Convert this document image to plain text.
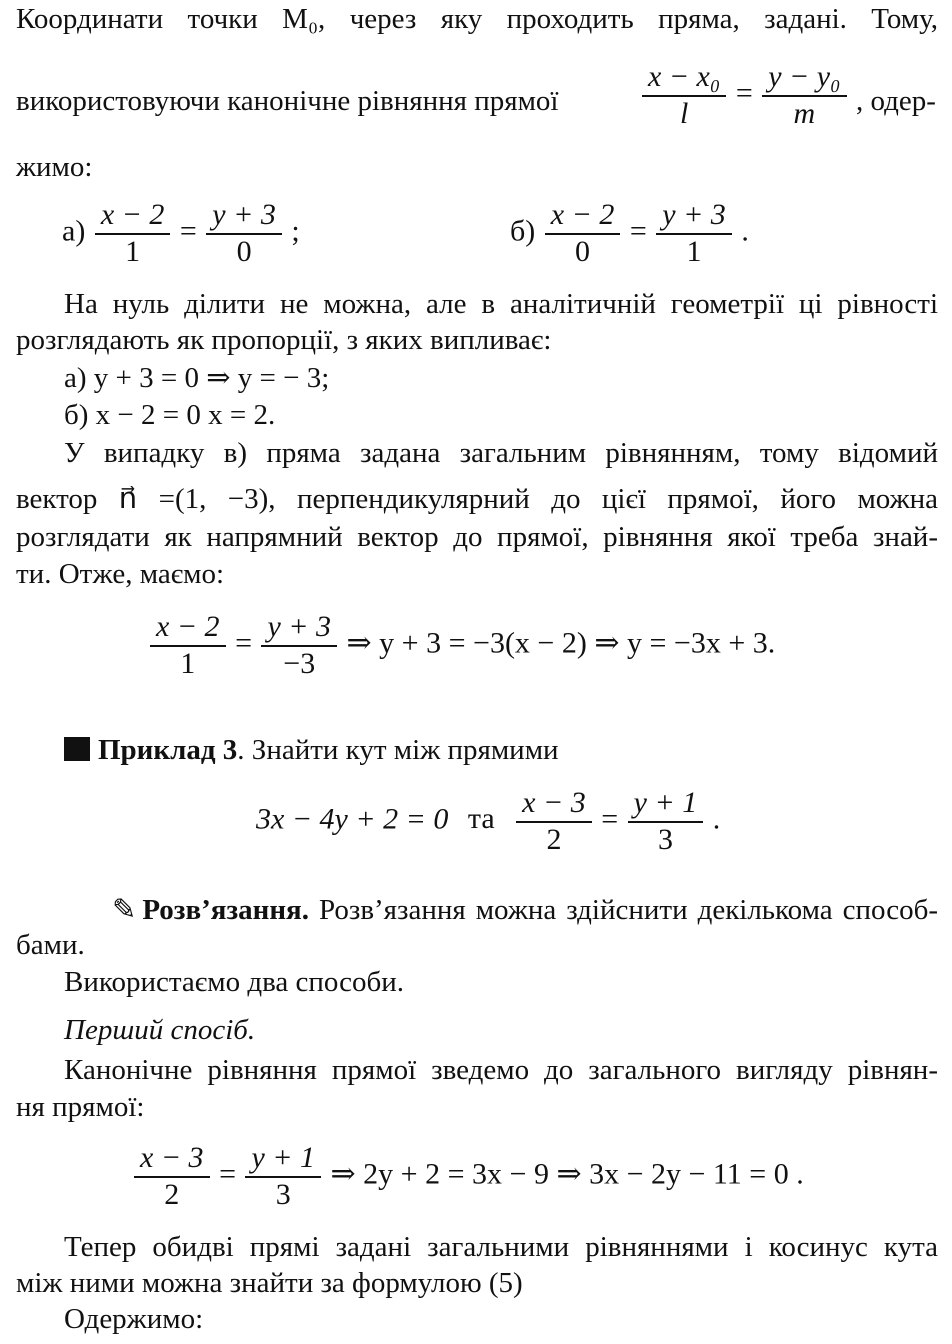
Координати точки M₀, через яку проходить пряма, задані. Тому,
використовуючи канонічне рівняння прямої	$\frac{\text{x − x₀}}{l} = \frac{\text{y − y₀}}{m}$ , одер-
жимо:
$а) \frac{x - 2}{1} = \frac{y + 3}{0}$ ;	$б) \frac{x - 2}{0} = \frac{y + 3}{1}$ .
На нуль ділити не можна, але в аналітичній геометрії ці рівності
розглядають як пропорції, з яких випливає:
а) y + 3 = 0 ⇒ y = − 3;
б) x − 2 = 0 x = 2.
У випадку в) пряма задана загальним рівнянням, тому відомий
вектор n⃗ =(1, −3), перпендикулярний до цієї прямої, його можна
розглядати як напрямний вектор до прямої, рівняння якої треба знай-
ти. Отже, маємо:
$\frac{x - 2}{1} = \frac{y + 3}{-3}$ ⇒ y + 3 = −3(x − 2) ⇒ y = −3x + 3.
Приклад 3. Знайти кут між прямими
3x − 4y + 2 = 0 та $\frac{x - 3}{2} = \frac{y + 1}{3}$ .
✎ Розв’язання. Розв’язання можна здійснити декількома способ-
бами.
Використаємо два способи.
Перший спосіб.
Канонічне рівняння прямої зведемо до загального вигляду рівнян-
ня прямої:
$\frac{x - 3}{2} = \frac{y + 1}{3}$ ⇒ 2y + 2 = 3x − 9 ⇒ 3x − 2y − 11 = 0 .
Тепер обидві прямі задані загальними рівняннями і косинус кута
між ними можна знайти за формулою (5)
Одержимо:
